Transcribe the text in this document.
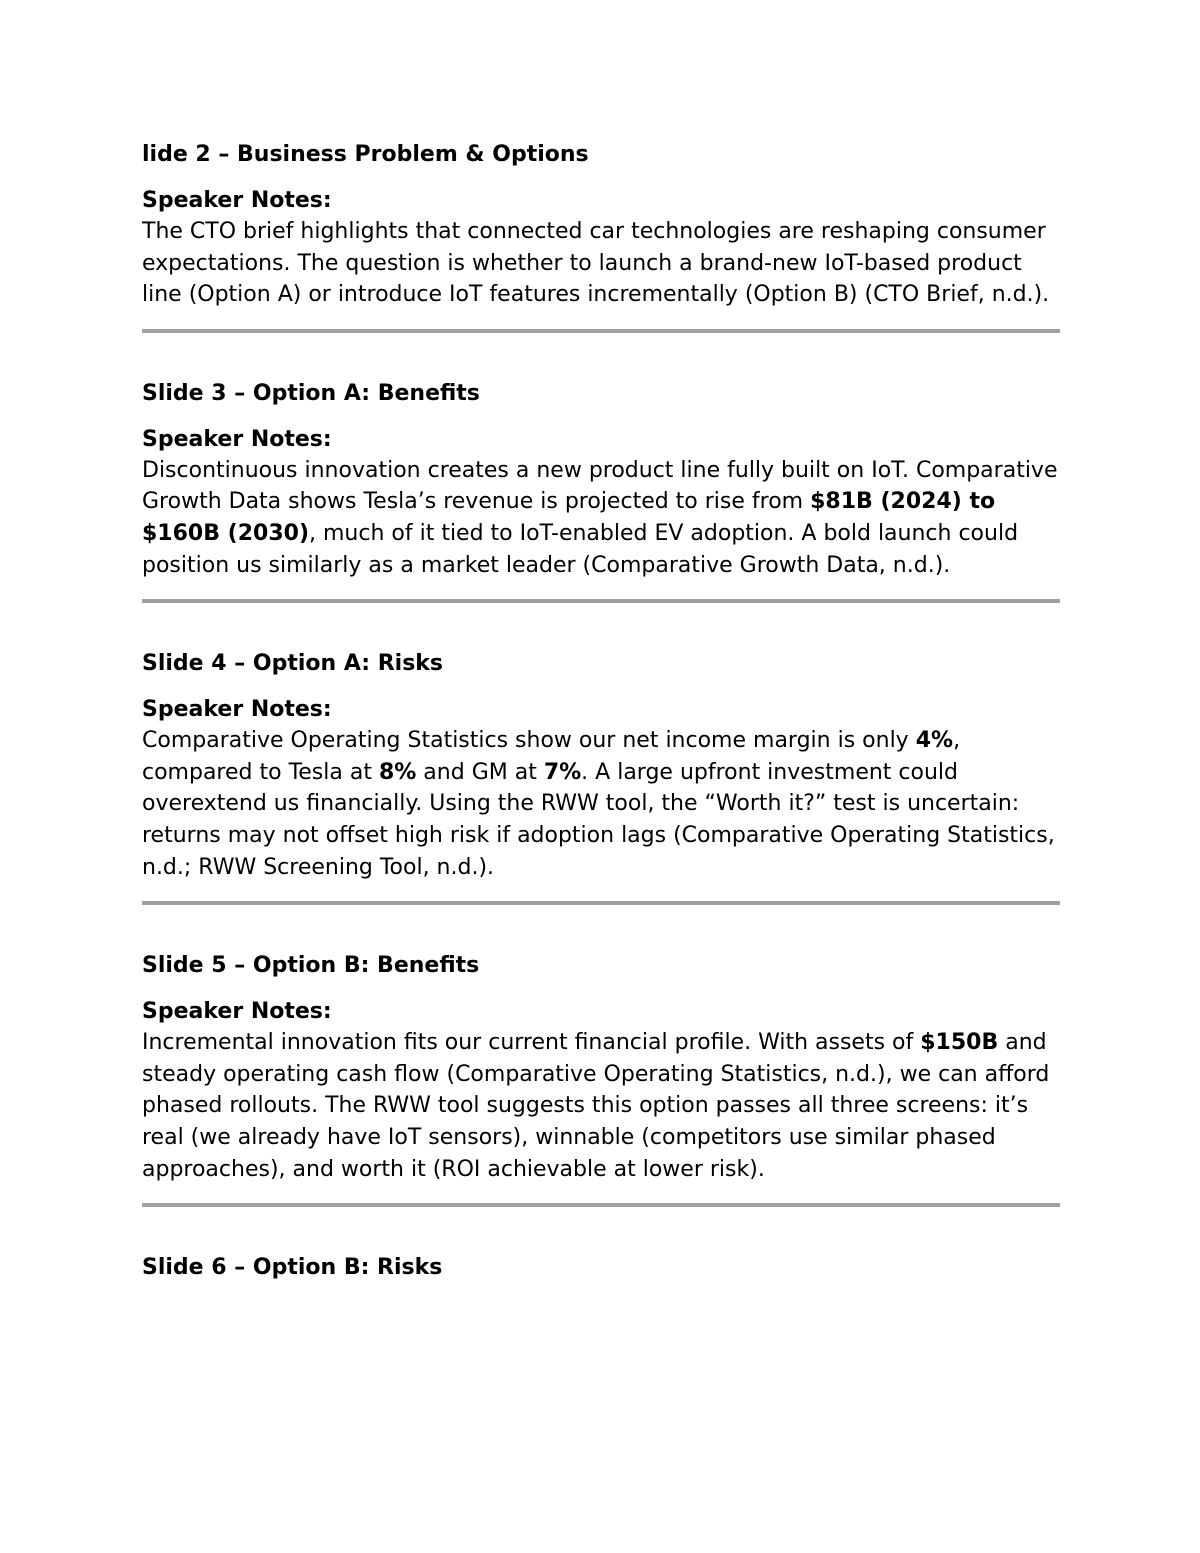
lide 2 – Business Problem & Options
Speaker Notes:

The CTO brief highlights that connected car technologies are reshaping consumer expectations. The question is whether to launch a brand-new IoT-based product line (Option A) or introduce IoT features incrementally (Option B) (CTO Brief, n.d.).

Slide 3 – Option A: Benefits
Speaker Notes:

Discontinuous innovation creates a new product line fully built on IoT. Comparative Growth Data shows Tesla’s revenue is projected to rise from $81B (2024) to $160B (2030), much of it tied to IoT-enabled EV adoption. A bold launch could position us similarly as a market leader (Comparative Growth Data, n.d.).

Slide 4 – Option A: Risks
Speaker Notes:

Comparative Operating Statistics show our net income margin is only 4%, compared to Tesla at 8% and GM at 7%. A large upfront investment could overextend us financially. Using the RWW tool, the “Worth it?” test is uncertain: returns may not offset high risk if adoption lags (Comparative Operating Statistics, n.d.; RWW Screening Tool, n.d.).

Slide 5 – Option B: Benefits
Speaker Notes:

Incremental innovation fits our current financial profile. With assets of $150B and steady operating cash flow (Comparative Operating Statistics, n.d.), we can afford phased rollouts. The RWW tool suggests this option passes all three screens: it’s real (we already have IoT sensors), winnable (competitors use similar phased approaches), and worth it (ROI achievable at lower risk).

Slide 6 – Option B: Risks
